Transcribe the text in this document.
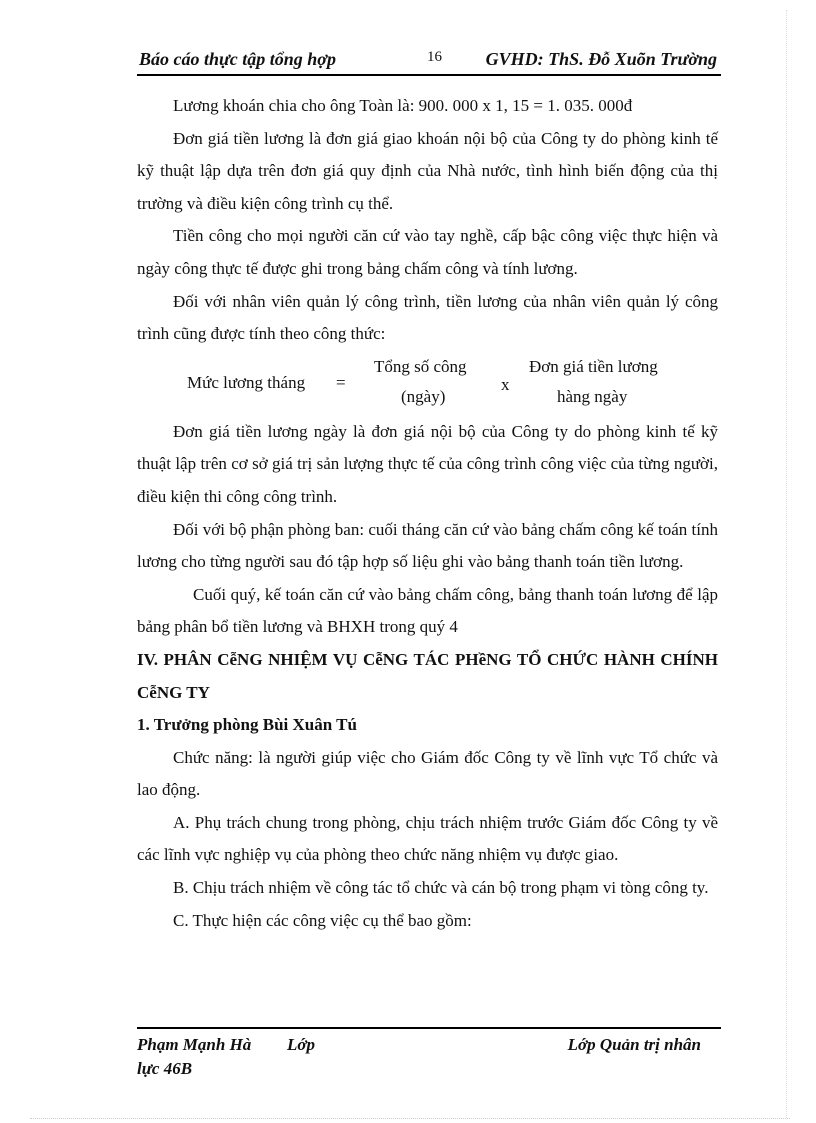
Báo cáo thực tập tổng hợp	16 GVHD: ThS. Đỗ Xuõn Trường

Lương khoán chia cho ông Toàn là: 900. 000 x 1, 15 = 1. 035. 000đ

Đơn giá tiền lương là đơn giá giao khoán nội bộ của Công ty do phòng kinh tế kỹ thuật lập dựa trên đơn giá quy định của Nhà nước, tình hình biến động của thị trường và điều kiện công trình cụ thể.

Tiền công cho mọi người căn cứ vào tay nghề, cấp bậc công việc thực hiện và ngày công thực tế được ghi trong bảng chấm công và tính lương.

Đối với nhân viên quản lý công trình, tiền lương của nhân viên quản lý công trình cũng được tính theo công thức:

Mức lương tháng =
Tổng số công
(ngày)
x
Đơn giá tiền lương
hàng ngày

Đơn giá tiền lương ngày là đơn giá nội bộ của Công ty do phòng kinh tế kỹ thuật lập trên cơ sở giá trị sản lượng thực tế của công trình công việc của từng người, điều kiện thi công công trình.

Đối với bộ phận phòng ban: cuối tháng căn cứ vào bảng chấm công kế toán tính lương cho từng người sau đó tập hợp số liệu ghi vào bảng thanh toán tiền lương.

Cuối quý, kế toán căn cứ vào bảng chấm công, bảng thanh toán lương để lập bảng phân bổ tiền lương và BHXH trong quý 4

IV. PHÂN CễNG NHIỆM VỤ CễNG TÁC PHềNG TỔ CHỨC HÀNH CHÍNH CễNG TY
1. Trưởng phòng Bùi Xuân Tú

Chức năng: là người giúp việc cho Giám đốc Công ty về lĩnh vực Tổ chức và lao động.

A. Phụ trách chung trong phòng, chịu trách nhiệm trước Giám đốc Công ty về các lĩnh vực nghiệp vụ của phòng theo chức năng nhiệm vụ được giao.

B. Chịu trách nhiệm về công tác tổ chức và cán bộ trong phạm vi tòng công ty.

C. Thực hiện các công việc cụ thể bao gồm:

Phạm Mạnh Hà Lớp	Lớp Quản trị nhân
lực 46B
